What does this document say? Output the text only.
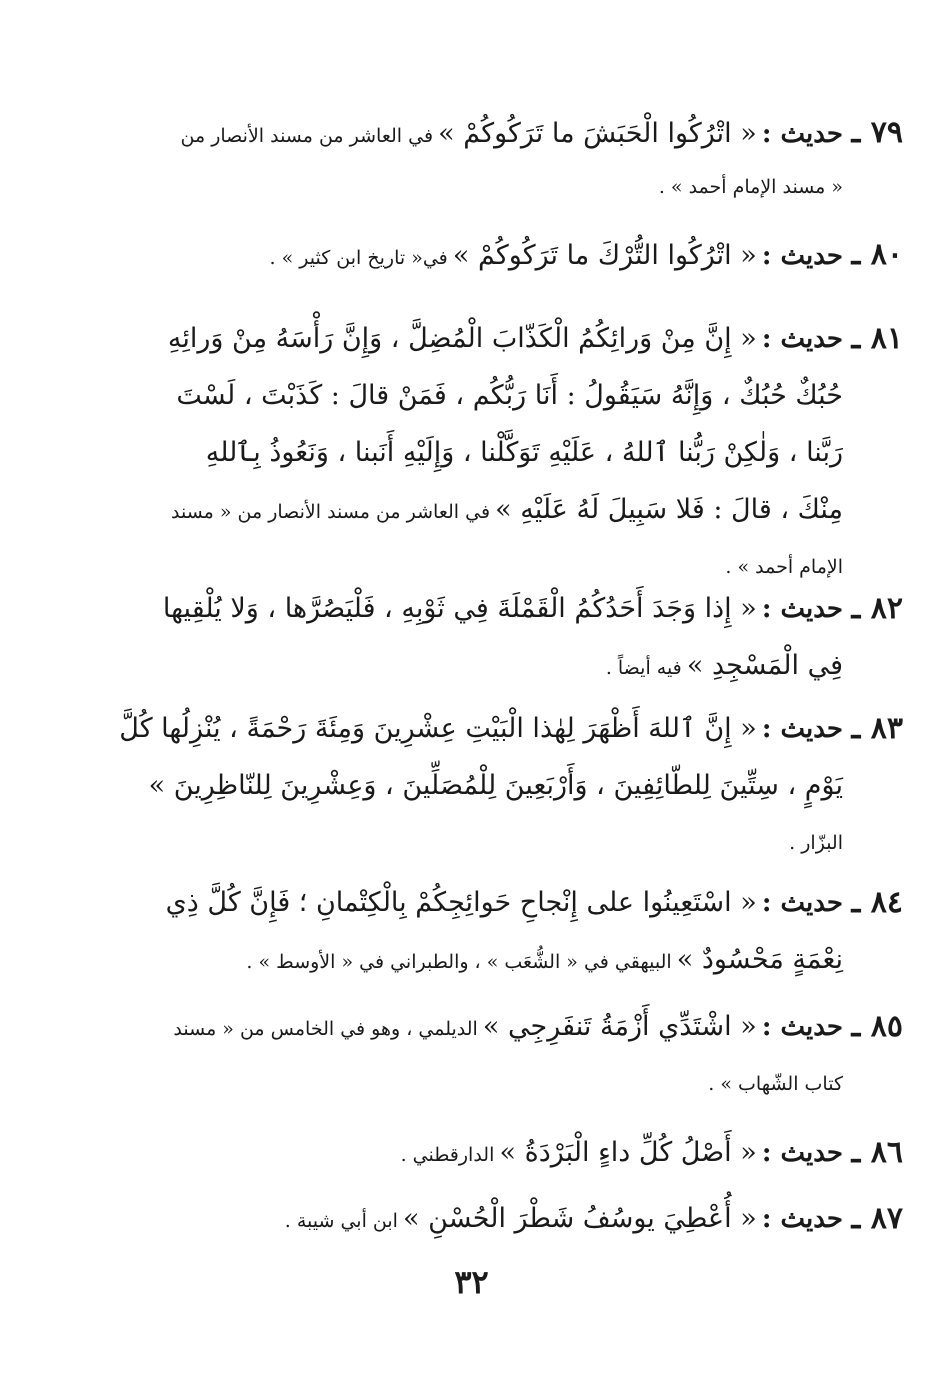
٧٩ ـ
حديث : « اتْرُكُوا الْحَبَشَ ما تَرَكُوكُمْ » في العاشر من مسند الأنصار من
« مسند الإمام أحمد » .
٨٠ ـ
حديث : « اتْرُكُوا التُّرْكَ ما تَرَكُوكُمْ » في« تاريخ ابن كثير » .
٨١ ـ
حديث : « إِنَّ مِنْ وَرائِكُمُ الْكَذّابَ الْمُضِلَّ ، وَإِنَّ رَأْسَهُ مِنْ وَرائِهِ
حُبُكٌ حُبُكٌ ، وَإِنَّهُ سَيَقُولُ : أَنَا رَبُّكُم ، فَمَنْ قالَ : كَذَبْتَ ، لَسْتَ
رَبَّنا ، وَلٰكِنْ رَبُّنا ٱللهُ ، عَلَيْهِ تَوَكَّلْنا ، وَإِلَيْهِ أَنَبنا ، وَنَعُوذُ بِٱللهِ
مِنْكَ ، قالَ : فَلا سَبِيلَ لَهُ عَلَيْهِ » في العاشر من مسند الأنصار من « مسند
الإمام أحمد » .
٨٢ ـ
حديث : « إِذا وَجَدَ أَحَدُكُمُ الْقَمْلَةَ فِي ثَوْبِهِ ، فَلْيَصُرَّها ، وَلا يُلْقِيها
فِي الْمَسْجِدِ » فيه أيضاً .
٨٣ ـ
حديث : « إِنَّ ٱللهَ أَظْهَرَ لِهٰذا الْبَيْتِ عِشْرِينَ وَمِئَةَ رَحْمَةً ، يُنْزِلُها كُلَّ
يَوْمٍ ، سِتِّينَ لِلطّائِفِينَ ، وَأَرْبَعِينَ لِلْمُصَلِّينَ ، وَعِشْرِينَ لِلنّاظِرِينَ »
البزّار .
٨٤ ـ
حديث : « اسْتَعِينُوا على إِنْجاحِ حَوائِجِكُمْ بِالْكِتْمانِ ؛ فَإِنَّ كُلَّ ذِي
نِعْمَةٍ مَحْسُودٌ » البيهقي في « الشُّعَب » ، والطبراني في « الأوسط » .
٨٥ ـ
حديث : « اشْتَدِّي أَزْمَةُ تَنفَرِجِي » الديلمي ، وهو في الخامس من « مسند
كتاب الشّهاب » .
٨٦ ـ
حديث : « أَصْلُ كُلِّ داءٍ الْبَرْدَةُ » الدارقطني .
٨٧ ـ
حديث : « أُعْطِيَ يوسُفُ شَطْرَ الْحُسْنِ » ابن أبي شيبة .
٣٢
